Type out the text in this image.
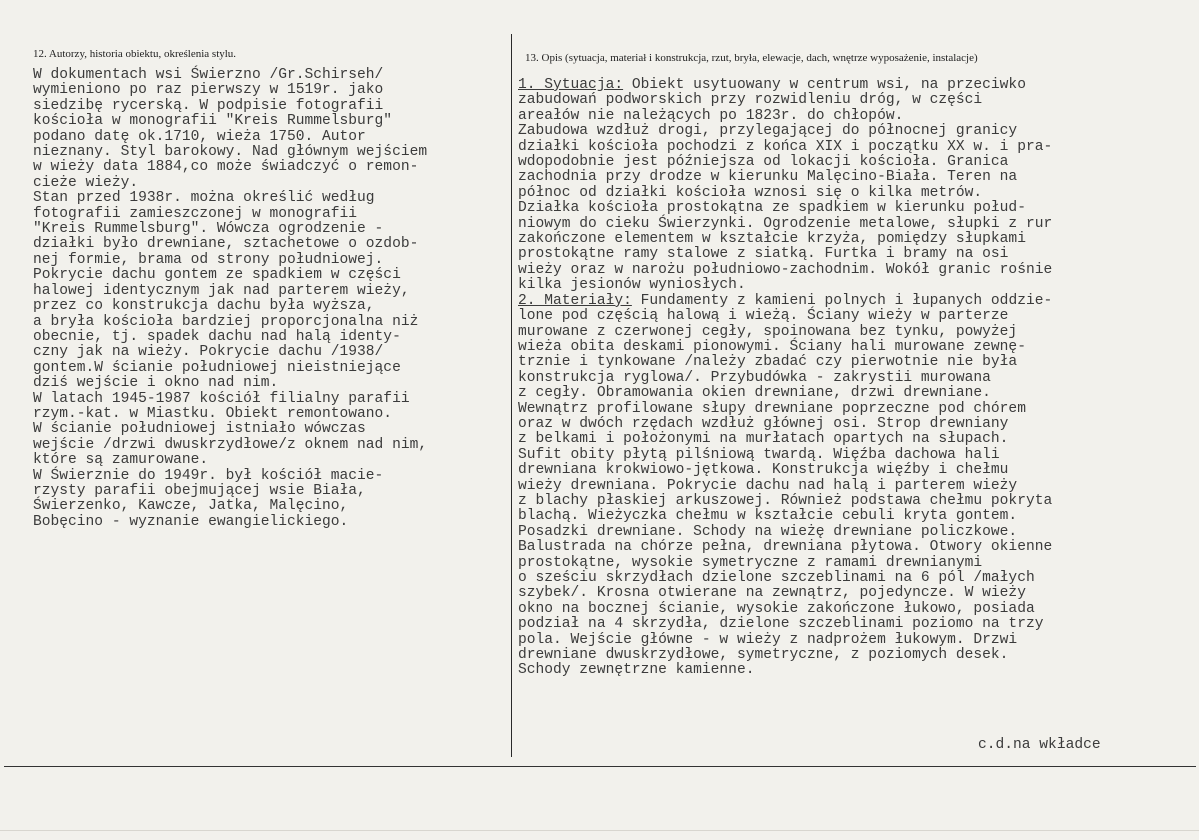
12. Autorzy, historia obiektu, określenia stylu.	13. Opis (sytuacja, materiał i konstrukcja, rzut, bryła, elewacje, dach, wnętrze wyposażenie, instalacje)
W dokumentach wsi Świerzno /Gr.Schirseh/
wymieniono po raz pierwszy w 1519r. jako
siedzibę rycerską. W podpisie fotografii
kościoła w monografii "Kreis Rummelsburg"
podano datę ok.1710, wieża 1750. Autor
nieznany. Styl barokowy. Nad głównym wejściem
w wieży data 1884,co może świadczyć o remon-
cieże wieży.
Stan przed 1938r. można określić według
fotografii zamieszczonej w monografii
"Kreis Rummelsburg". Wówcza ogrodzenie -
działki było drewniane, sztachetowe o ozdob-
nej formie, brama od strony południowej.
Pokrycie dachu gontem ze spadkiem w części
halowej identycznym jak nad parterem wieży,
przez co konstrukcja dachu była wyższa,
a bryła kościoła bardziej proporcjonalna niż
obecnie, tj. spadek dachu nad halą identy-
czny jak na wieży. Pokrycie dachu /1938/
gontem.W ścianie południowej nieistniejące
dziś wejście i okno nad nim.
W latach 1945-1987 kościół filialny parafii
rzym.-kat. w Miastku. Obiekt remontowano.
W ścianie południowej istniało wówczas
wejście /drzwi dwuskrzydłowe/z oknem nad nim,
które są zamurowane.
W Świerznie do 1949r. był kościół macie-
rzysty parafii obejmującej wsie Biała,
Świerzenko, Kawcze, Jatka, Malęcino,
Bobęcino - wyznanie ewangielickiego.
1. Sytuacja: Obiekt usytuowany w centrum wsi, na przeciwko
zabudowań podworskich przy rozwidleniu dróg, w części
areałów nie należących po 1823r. do chłopów.
Zabudowa wzdłuż drogi, przylegającej do północnej granicy
działki kościoła pochodzi z końca XIX i początku XX w. i pra-
wdopodobnie jest późniejsza od lokacji kościoła. Granica
zachodnia przy drodze w kierunku Malęcino-Biała. Teren na
północ od działki kościoła wznosi się o kilka metrów.
Działka kościoła prostokątna ze spadkiem w kierunku połud-
niowym do cieku Świerzynki. Ogrodzenie metalowe, słupki z rur
zakończone elementem w kształcie krzyża, pomiędzy słupkami
prostokątne ramy stalowe z siatką. Furtka i bramy na osi
wieży oraz w narożu południowo-zachodnim. Wokół granic rośnie
kilka jesionów wyniosłych.
2. Materiały: Fundamenty z kamieni polnych i łupanych oddzie-
lone pod częścią halową i wieżą. Ściany wieży w parterze
murowane z czerwonej cegły, spoinowana bez tynku, powyżej
wieża obita deskami pionowymi. Ściany hali murowane zewnę-
trznie i tynkowane /należy zbadać czy pierwotnie nie była
konstrukcja ryglowa/. Przybudówka - zakrystii murowana
z cegły. Obramowania okien drewniane, drzwi drewniane.
Wewnątrz profilowane słupy drewniane poprzeczne pod chórem
oraz w dwóch rzędach wzdłuż głównej osi. Strop drewniany
z belkami i położonymi na murłatach opartych na słupach.
Sufit obity płytą pilśniową twardą. Więźba dachowa hali
drewniana krokwiowo-jętkowa. Konstrukcja więźby i chełmu
wieży drewniana. Pokrycie dachu nad halą i parterem wieży
z blachy płaskiej arkuszowej. Również podstawa chełmu pokryta
blachą. Wieżyczka chełmu w kształcie cebuli kryta gontem.
Posadzki drewniane. Schody na wieżę drewniane policzkowe.
Balustrada na chórze pełna, drewniana płytowa. Otwory okienne
prostokątne, wysokie symetryczne z ramami drewnianymi
o sześciu skrzydłach dzielone szczeblinami na 6 pól /małych
szybek/. Krosna otwierane na zewnątrz, pojedyncze. W wieży
okno na bocznej ścianie, wysokie zakończone łukowo, posiada
podział na 4 skrzydła, dzielone szczeblinami poziomo na trzy
pola. Wejście główne - w wieży z nadprożem łukowym. Drzwi
drewniane dwuskrzydłowe, symetryczne, z poziomych desek.
Schody zewnętrzne kamienne.
c.d.na wkładce
